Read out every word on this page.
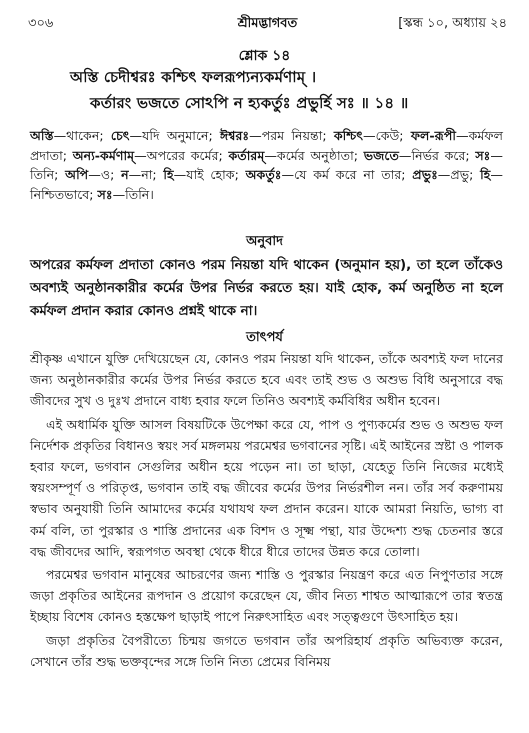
৩০৬	শ্রীমদ্ভাগবত	[স্কন্ধ ১০, অধ্যায় ২৪
শ্লোক ১৪
অস্তি চেদীশ্বরঃ কশ্চিৎ ফলরূপ্যন্যকর্মণাম্ ।
কর্তারং ভজতে সোঽপি ন হ্যকর্তুঃ প্রভুর্হি সঃ ॥ ১৪ ॥
অস্তি—থাকেন; চেৎ—যদি অনুমানে; ঈশ্বরঃ—পরম নিয়ন্তা; কশ্চিৎ—কেউ; ফল-রূপী—কর্মফল প্রদাতা; অন্য-কর্মণাম্—অপরের কর্মের; কর্তারম্—কর্মের অনুষ্ঠাতা; ভজতে—নির্ভর করে; সঃ—তিনি; অপি—ও; ন—না; হি—যাই হোক; অকর্তুঃ—যে কর্ম করে না তার; প্রভুঃ—প্রভু; হি—নিশ্চিতভাবে; সঃ—তিনি।
অনুবাদ
অপরের কর্মফল প্রদাতা কোনও পরম নিয়ন্তা যদি থাকেন (অনুমান হয়), তা হলে তাঁকেও অবশ্যই অনুষ্ঠানকারীর কর্মের উপর নির্ভর করতে হয়। যাই হোক, কর্ম অনুষ্ঠিত না হলে কর্মফল প্রদান করার কোনও প্রশ্নই থাকে না।
তাৎপর্য

শ্রীকৃষ্ণ এখানে যুক্তি দেখিয়েছেন যে, কোনও পরম নিয়ন্তা যদি থাকেন, তাঁকে অবশ্যই ফল দানের জন্য অনুষ্ঠানকারীর কর্মের উপর নির্ভর করতে হবে এবং তাই শুভ ও অশুভ বিধি অনুসারে বদ্ধ জীবদের সুখ ও দুঃখ প্রদানে বাধ্য হবার ফলে তিনিও অবশ্যই কর্মবিধির অধীন হবেন।

এই অধার্মিক যুক্তি আসল বিষয়টিকে উপেক্ষা করে যে, পাপ ও পুণ্যকর্মের শুভ ও অশুভ ফল নির্দেশক প্রকৃতির বিধানও স্বয়ং সর্ব মঙ্গলময় পরমেশ্বর ভগবানের সৃষ্টি। এই আইনের স্রষ্টা ও পালক হবার ফলে, ভগবান সেগুলির অধীন হয়ে পড়েন না। তা ছাড়া, যেহেতু তিনি নিজের মধ্যেই স্বয়ংসম্পূর্ণ ও পরিতৃপ্ত, ভগবান তাই বদ্ধ জীবের কর্মের উপর নির্ভরশীল নন। তাঁর সর্ব করুণাময় স্বভাব অনুযায়ী তিনি আমাদের কর্মের যথাযথ ফল প্রদান করেন। যাকে আমরা নিয়তি, ভাগ্য বা কর্ম বলি, তা পুরস্কার ও শাস্তি প্রদানের এক বিশদ ও সূক্ষ্ম পন্থা, যার উদ্দেশ্য শুদ্ধ চেতনার স্তরে বদ্ধ জীবদের আদি, স্বরূপগত অবস্থা থেকে ধীরে ধীরে তাদের উন্নত করে তোলা।

পরমেশ্বর ভগবান মানুষের আচরণের জন্য শাস্তি ও পুরস্কার নিয়ন্ত্রণ করে এত নিপুণতার সঙ্গে জড়া প্রকৃতির আইনের রূপদান ও প্রয়োগ করেছেন যে, জীব নিত্য শাশ্বত আত্মারূপে তার স্বতন্ত্র ইচ্ছায় বিশেষ কোনও হস্তক্ষেপ ছাড়াই পাপে নিরুৎসাহিত এবং সত্ত্বগুণে উৎসাহিত হয়।

জড়া প্রকৃতির বৈপরীত্যে চিন্ময় জগতে ভগবান তাঁর অপরিহার্য প্রকৃতি অভিব্যক্ত করেন, সেখানে তাঁর শুদ্ধ ভক্তবৃন্দের সঙ্গে তিনি নিত্য প্রেমের বিনিময়
